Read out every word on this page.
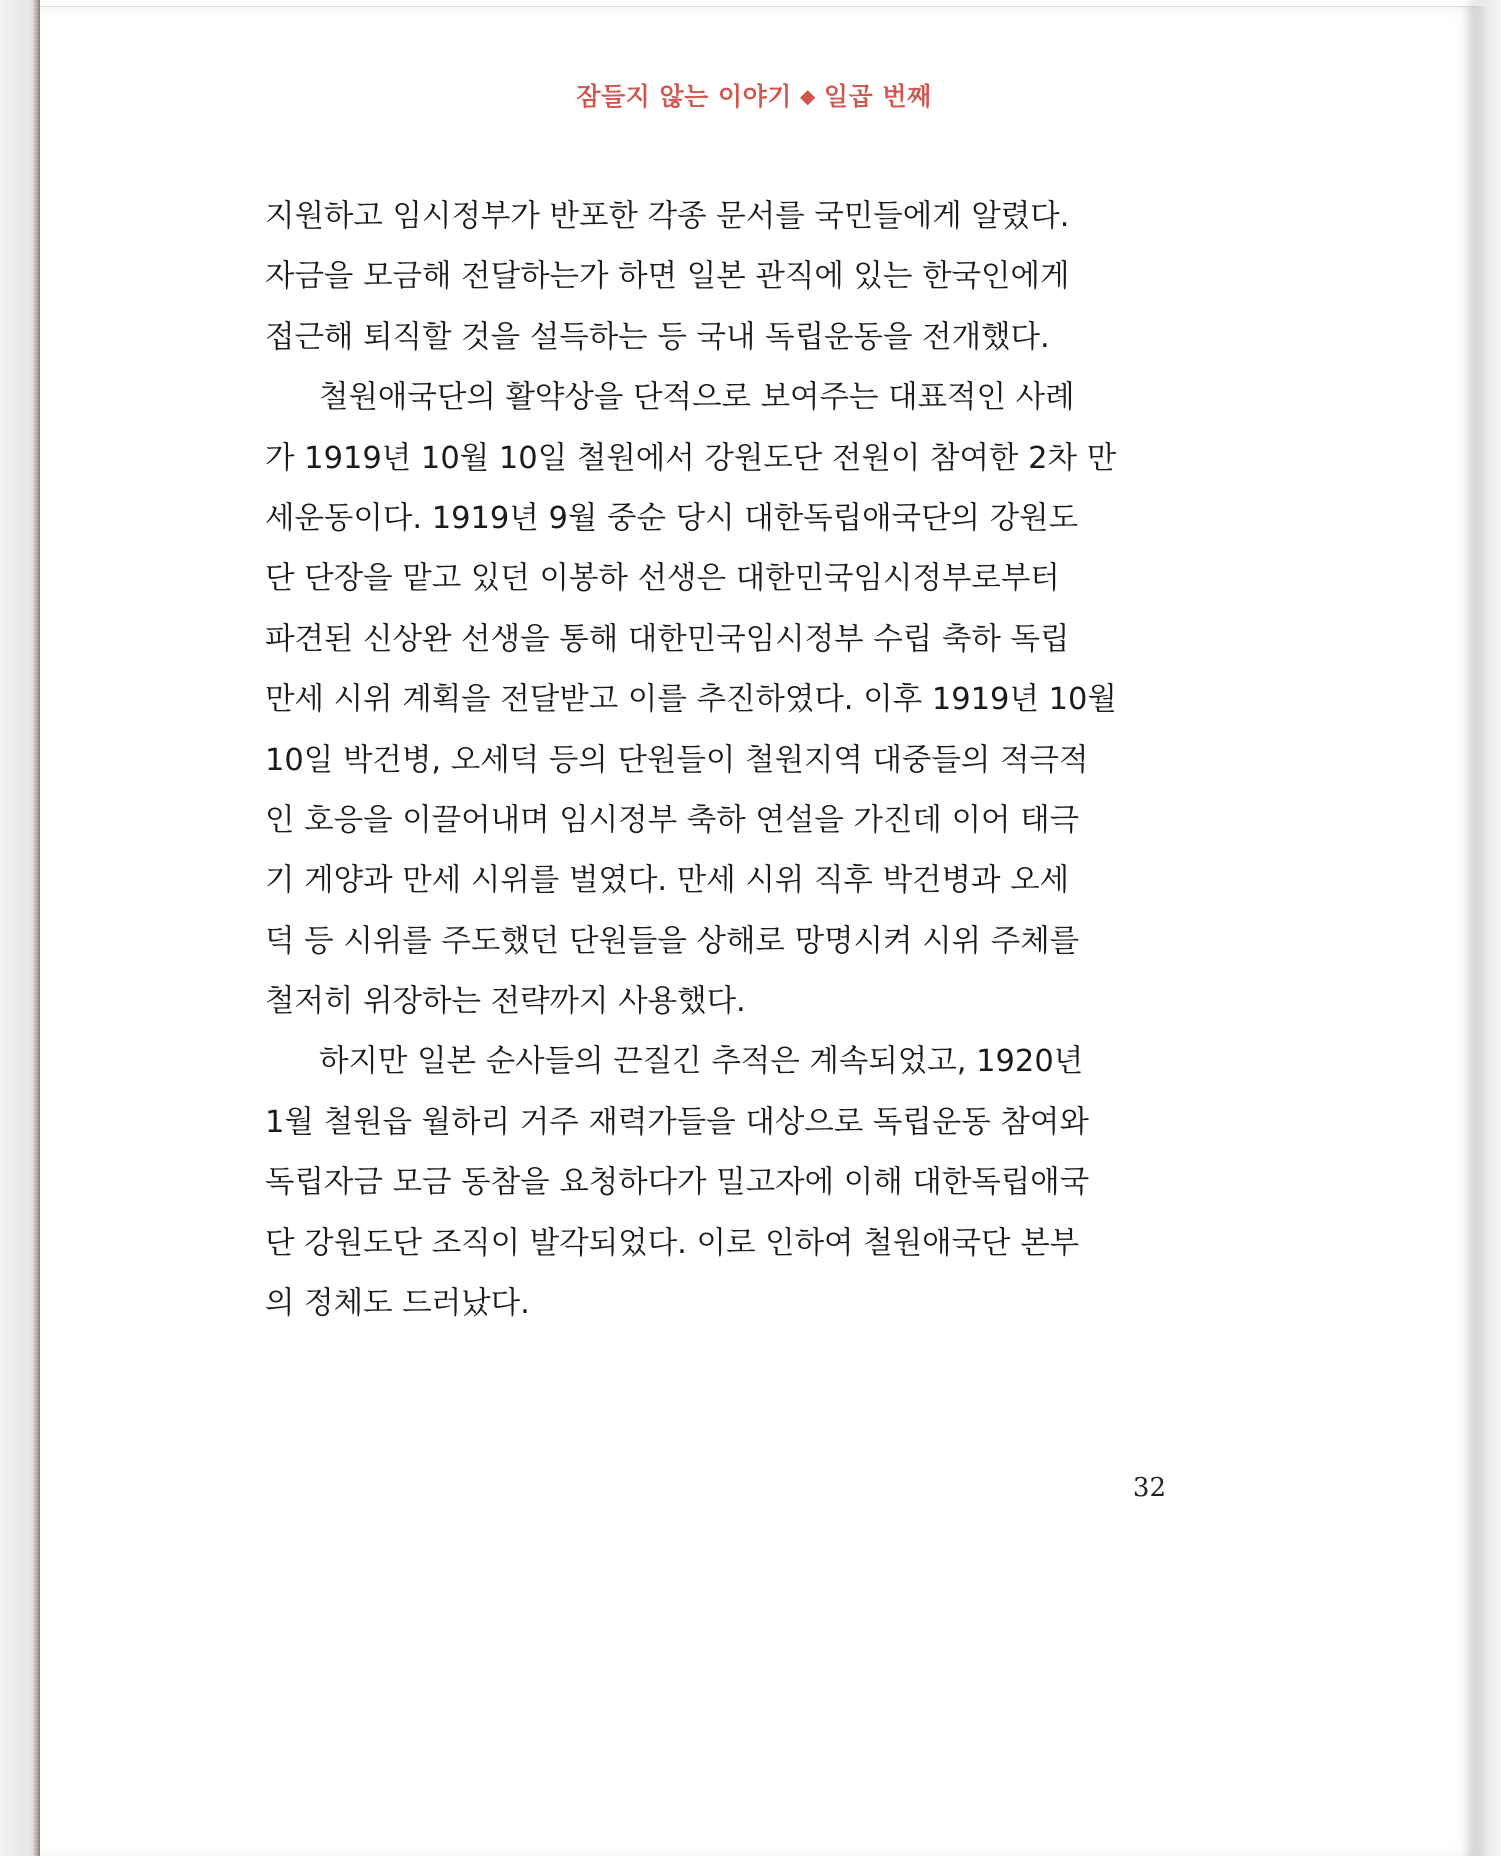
잠들지 않는 이야기 ◆ 일곱 번째
지원하고 임시정부가 반포한 각종 문서를 국민들에게 알렸다.
자금을 모금해 전달하는가 하면 일본 관직에 있는 한국인에게
접근해 퇴직할 것을 설득하는 등 국내 독립운동을 전개했다.
철원애국단의 활약상을 단적으로 보여주는 대표적인 사례
가 1919년 10월 10일 철원에서 강원도단 전원이 참여한 2차 만
세운동이다. 1919년 9월 중순 당시 대한독립애국단의 강원도
단 단장을 맡고 있던 이봉하 선생은 대한민국임시정부로부터
파견된 신상완 선생을 통해 대한민국임시정부 수립 축하 독립
만세 시위 계획을 전달받고 이를 추진하였다. 이후 1919년 10월
10일 박건병, 오세덕 등의 단원들이 철원지역 대중들의 적극적
인 호응을 이끌어내며 임시정부 축하 연설을 가진데 이어 태극
기 게양과 만세 시위를 벌였다. 만세 시위 직후 박건병과 오세
덕 등 시위를 주도했던 단원들을 상해로 망명시켜 시위 주체를
철저히 위장하는 전략까지 사용했다.
하지만 일본 순사들의 끈질긴 추적은 계속되었고, 1920년
1월 철원읍 월하리 거주 재력가들을 대상으로 독립운동 참여와
독립자금 모금 동참을 요청하다가 밀고자에 이해 대한독립애국
단 강원도단 조직이 발각되었다. 이로 인하여 철원애국단 본부
의 정체도 드러났다.
32
